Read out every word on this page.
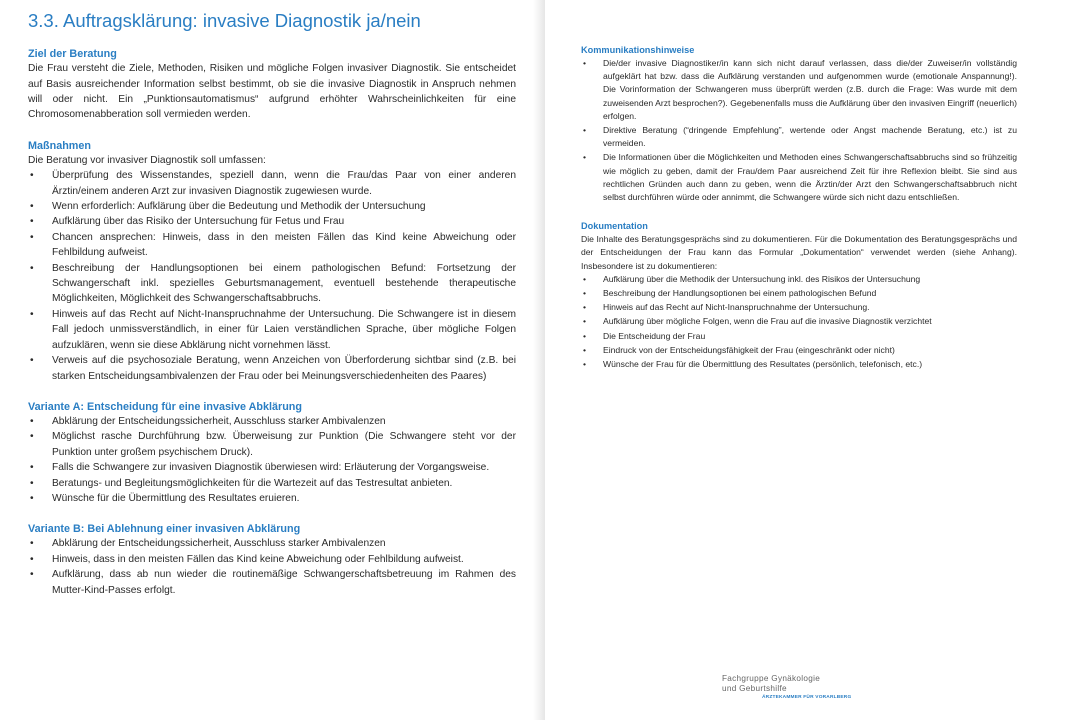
3.3. Auftragsklärung: invasive Diagnostik ja/nein
Ziel der Beratung

Die Frau versteht die Ziele, Methoden, Risiken und mögliche Folgen invasiver Diagnostik. Sie entscheidet auf Basis ausreichender Information selbst bestimmt, ob sie die invasive Diagnostik in Anspruch nehmen will oder nicht. Ein „Punktionsautomatismus“ aufgrund erhöhter Wahrscheinlichkeiten für eine Chromosomenabberation soll vermieden werden.

Maßnahmen

Die Beratung vor invasiver Diagnostik soll umfassen:

• Überprüfung des Wissenstandes, speziell dann, wenn die Frau/das Paar von einer anderen Ärztin/einem anderen Arzt zur invasiven Diagnostik zugewiesen wurde.
• Wenn erforderlich: Aufklärung über die Bedeutung und Methodik der Untersuchung
• Aufklärung über das Risiko der Untersuchung für Fetus und Frau
• Chancen ansprechen: Hinweis, dass in den meisten Fällen das Kind keine Abweichung oder Fehlbildung aufweist.
• Beschreibung der Handlungsoptionen bei einem pathologischen Befund: Fortsetzung der Schwangerschaft inkl. spezielles Geburtsmanagement, eventuell bestehende therapeutische Möglichkeiten, Möglichkeit des Schwangerschaftsabbruchs.
• Hinweis auf das Recht auf Nicht-Inanspruchnahme der Untersuchung. Die Schwangere ist in diesem Fall jedoch unmissverständlich, in einer für Laien verständlichen Sprache, über mögliche Folgen aufzuklären, wenn sie diese Abklärung nicht vornehmen lässt.
• Verweis auf die psychosoziale Beratung, wenn Anzeichen von Überforderung sichtbar sind (z.B. bei starken Entscheidungsambivalenzen der Frau oder bei Meinungsverschiedenheiten des Paares)
Variante A: Entscheidung für eine invasive Abklärung
• Abklärung der Entscheidungssicherheit, Ausschluss starker Ambivalenzen
• Möglichst rasche Durchführung bzw. Überweisung zur Punktion (Die Schwangere steht vor der Punktion unter großem psychischem Druck).
• Falls die Schwangere zur invasiven Diagnostik überwiesen wird: Erläuterung der Vorgangsweise.
• Beratungs- und Begleitungsmöglichkeiten für die Wartezeit auf das Testresultat anbieten.
• Wünsche für die Übermittlung des Resultates eruieren.
Variante B: Bei Ablehnung einer invasiven Abklärung
• Abklärung der Entscheidungssicherheit, Ausschluss starker Ambivalenzen
• Hinweis, dass in den meisten Fällen das Kind keine Abweichung oder Fehlbildung aufweist.
• Aufklärung, dass ab nun wieder die routinemäßige Schwangerschaftsbetreuung im Rahmen des Mutter-Kind-Passes erfolgt.
Kommunikationshinweise
• Die/der invasive Diagnostiker/in kann sich nicht darauf verlassen, dass die/der Zuweiser/in vollständig aufgeklärt hat bzw. dass die Aufklärung verstanden und aufgenommen wurde (emotionale Anspannung!). Die Vorinformation der Schwangeren muss überprüft werden (z.B. durch die Frage: Was wurde mit dem zuweisenden Arzt besprochen?). Gegebenenfalls muss die Aufklärung über den invasiven Eingriff (neuerlich) erfolgen.
• Direktive Beratung (“dringende Empfehlung”, wertende oder Angst machende Beratung, etc.) ist zu vermeiden.
• Die Informationen über die Möglichkeiten und Methoden eines Schwangerschaftsabbruchs sind so frühzeitig wie möglich zu geben, damit der Frau/dem Paar ausreichend Zeit für ihre Reflexion bleibt. Sie sind aus rechtlichen Gründen auch dann zu geben, wenn die Ärztin/der Arzt den Schwangerschaftsabbruch nicht selbst durchführen würde oder annimmt, die Schwangere würde sich nicht dazu entschließen.
Dokumentation

Die Inhalte des Beratungsgesprächs sind zu dokumentieren. Für die Dokumentation des Beratungsgesprächs und der Entscheidungen der Frau kann das Formular „Dokumentation“ verwendet werden (siehe Anhang). Insbesondere ist zu dokumentieren:

• Aufklärung über die Methodik der Untersuchung inkl. des Risikos der Untersuchung
• Beschreibung der Handlungsoptionen bei einem pathologischen Befund
• Hinweis auf das Recht auf Nicht-Inanspruchnahme der Untersuchung.
• Aufklärung über mögliche Folgen, wenn die Frau auf die invasive Diagnostik verzichtet
• Die Entscheidung der Frau
• Eindruck von der Entscheidungsfähigkeit der Frau (eingeschränkt oder nicht)
• Wünsche der Frau für die Übermittlung des Resultates (persönlich, telefonisch, etc.)
Fachgruppe Gynäkologie
und Geburtshilfe
ÄRZTEKAMMER FÜR VORARLBERG
